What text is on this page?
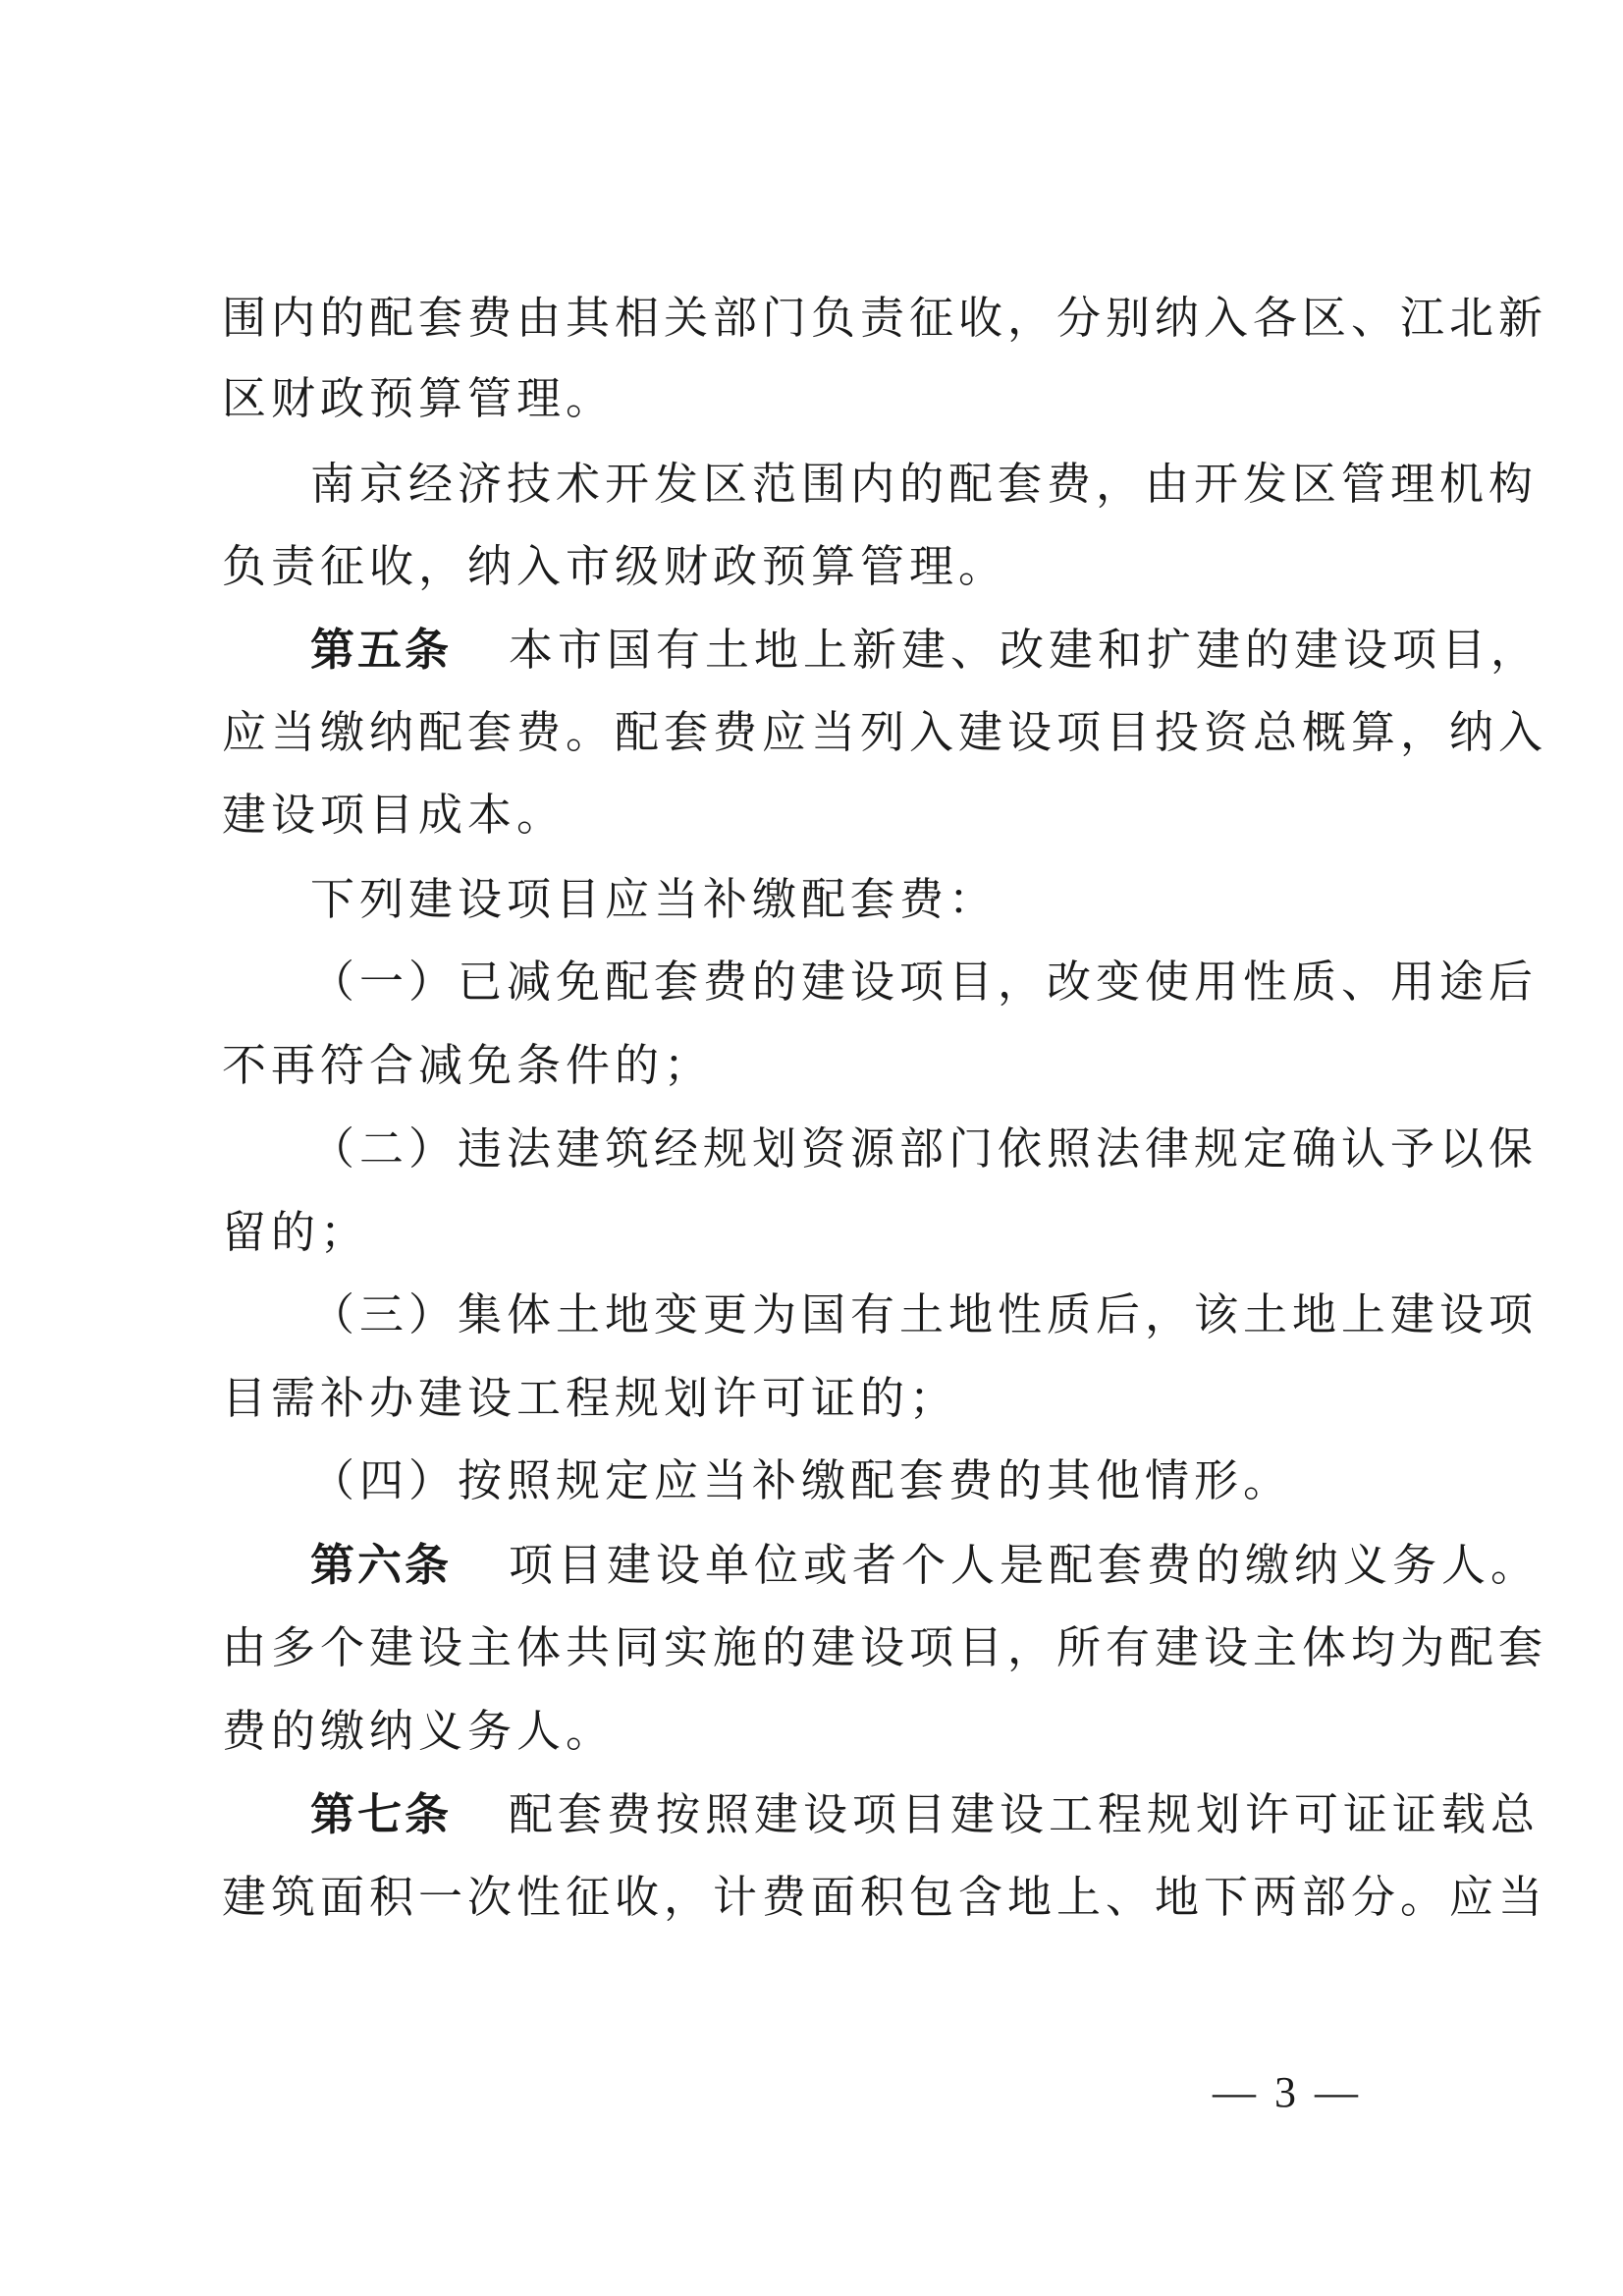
围内的配套费由其相关部门负责征收，分别纳入各区、江北新
区财政预算管理。
南京经济技术开发区范围内的配套费，由开发区管理机构
负责征收，纳入市级财政预算管理。
第五条 本市国有土地上新建、改建和扩建的建设项目，
应当缴纳配套费。配套费应当列入建设项目投资总概算，纳入
建设项目成本。
下列建设项目应当补缴配套费：
（一）已减免配套费的建设项目，改变使用性质、用途后
不再符合减免条件的；
（二）违法建筑经规划资源部门依照法律规定确认予以保
留的；
（三）集体土地变更为国有土地性质后，该土地上建设项
目需补办建设工程规划许可证的；
（四）按照规定应当补缴配套费的其他情形。
第六条 项目建设单位或者个人是配套费的缴纳义务人。
由多个建设主体共同实施的建设项目，所有建设主体均为配套
费的缴纳义务人。
第七条 配套费按照建设项目建设工程规划许可证证载总
建筑面积一次性征收，计费面积包含地上、地下两部分。应当
— 3 —
